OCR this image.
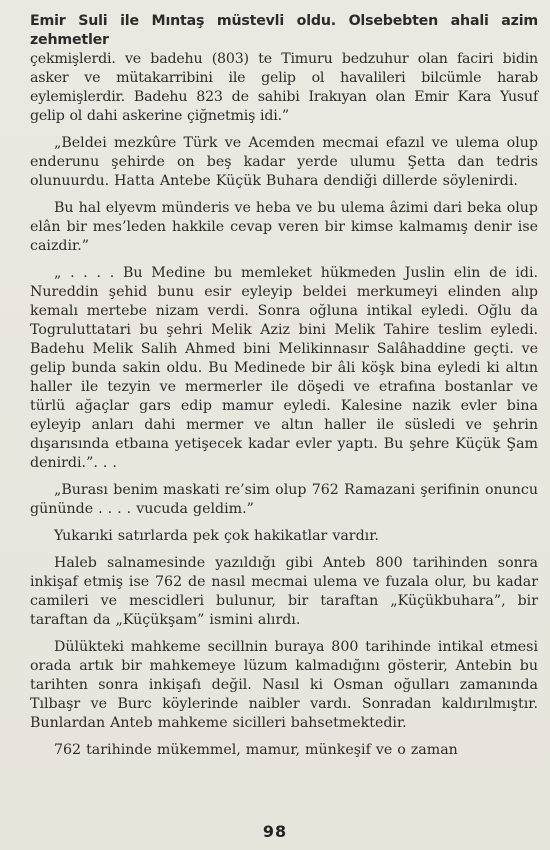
Emir Suli ile Mıntaş müstevli oldu. Olsebebten ahali azim zehmetler
çekmişlerdi. ve badehu (803) te Timuru bedzuhur olan faciri bidin asker ve mütakarribini ile gelip ol havalileri bilcümle harab eylemişlerdir. Badehu 823 de sahibi Irakıyan olan Emir Kara Yusuf gelip ol dahi askerine çiğnetmiş idi.”

„Beldei mezkûre Türk ve Acemden mecmai efazıl ve ulema olup enderunu şehirde on beş kadar yerde ulumu Şetta dan tedris olunuurdu. Hatta Antebe Küçük Buhara dendiği dillerde söylenirdi.

Bu hal elyevm münderis ve heba ve bu ulema âzimi dari beka olup elân bir mes’leden hakkile cevap veren bir kimse kalmamış denir ise caizdir.”

„ . . . . Bu Medine bu memleket hükmeden Juslin elin de idi. Nureddin şehid bunu esir eyleyip beldei merkumeyi elinden alıp kemalı mertebe nizam verdi. Sonra oğluna intikal eyledi. Oğlu da Togruluttatari bu şehri Melik Aziz bini Melik Tahire teslim eyledi. Badehu Melik Salih Ahmed bini Melikinnasır Salâhaddine geçti. ve gelip bunda sakin oldu. Bu Medinede bir âli köşk bina eyledi ki altın haller ile tezyin ve mermerler ile döşedi ve etrafına bostanlar ve türlü ağaçlar gars edip mamur eyledi. Kalesine nazik evler bina eyleyip anları dahi mermer ve altın haller ile süsledi ve şehrin dışarısında etbaına yetişecek kadar evler yaptı. Bu şehre Küçük Şam denirdi.”. . .

„Burası benim maskati re’sim olup 762 Ramazani şerifinin onuncu gününde . . . . vucuda geldim.”

Yukarıki satırlarda pek çok hakikatlar vardır.

Haleb salnamesinde yazıldığı gibi Anteb 800 tarihinden sonra inkişaf etmiş ise 762 de nasıl mecmai ulema ve fuzala olur, bu kadar camileri ve mescidleri bulunur, bir taraftan „Küçükbuhara”, bir taraftan da „Küçükşam” ismini alırdı.

Dülükteki mahkeme secillnin buraya 800 tarihinde intikal etmesi orada artık bir mahkemeye lüzum kalmadığını gösterir, Antebin bu tarihten sonra inkişafı değil. Nasıl ki Osman oğulları zamanında Tılbaşr ve Burc köylerinde naibler vardı. Sonradan kaldırılmıştır. Bunlardan Anteb mahkeme sicilleri bahsetmektedir.

762 tarihinde mükemmel, mamur, münkeşif ve o zaman

98
